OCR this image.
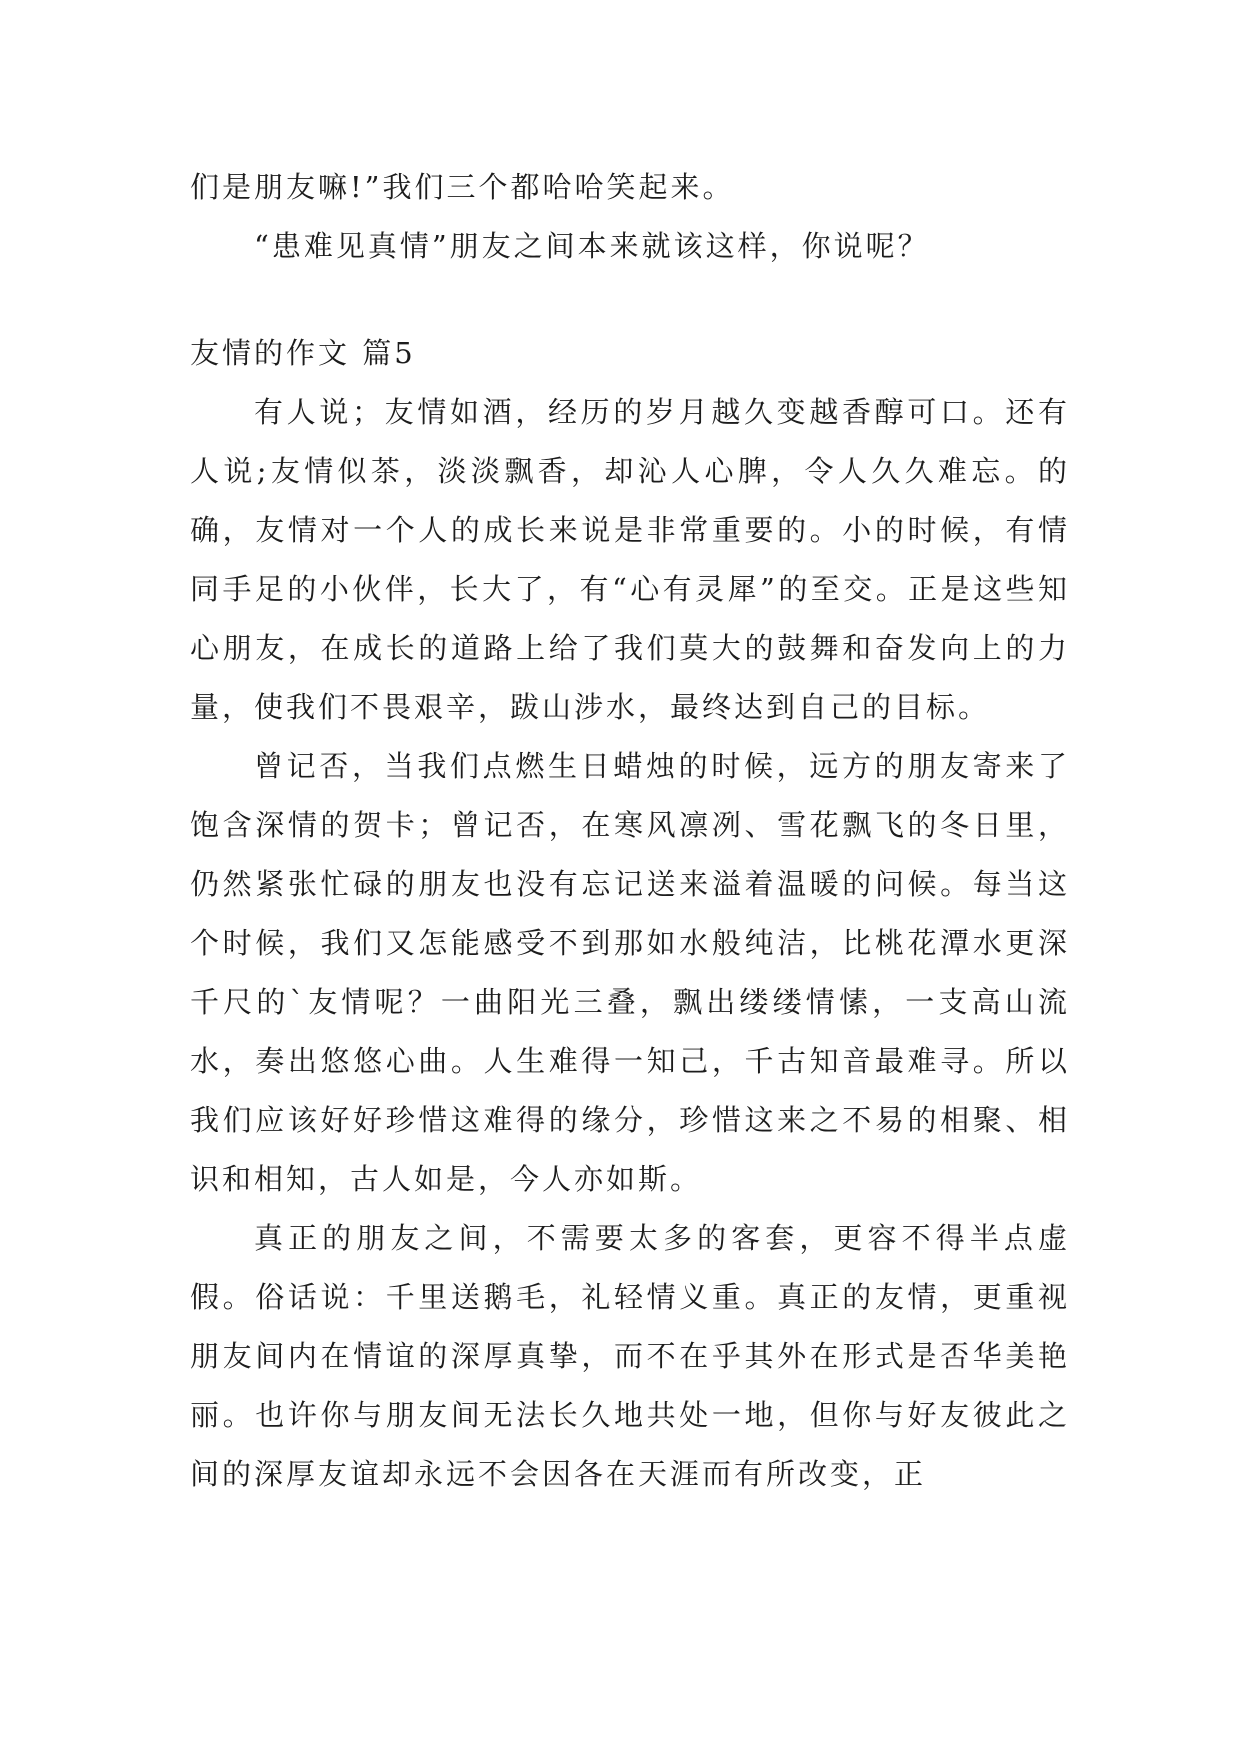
们是朋友嘛!”我们三个都哈哈笑起来。

“患难见真情”朋友之间本来就该这样，你说呢？

友情的作文 篇5

有人说；友情如酒，经历的岁月越久变越香醇可口。还有人说;友情似茶，淡淡飘香，却沁人心脾，令人久久难忘。的确，友情对一个人的成长来说是非常重要的。小的时候，有情同手足的小伙伴，长大了，有“心有灵犀”的至交。正是这些知心朋友，在成长的道路上给了我们莫大的鼓舞和奋发向上的力量，使我们不畏艰辛，跋山涉水，最终达到自己的目标。

曾记否，当我们点燃生日蜡烛的时候，远方的朋友寄来了饱含深情的贺卡；曾记否，在寒风凛冽、雪花飘飞的冬日里，仍然紧张忙碌的朋友也没有忘记送来溢着温暖的问候。每当这个时候，我们又怎能感受不到那如水般纯洁，比桃花潭水更深千尺的`友情呢？一曲阳光三叠，飘出缕缕情愫，一支高山流水，奏出悠悠心曲。人生难得一知己，千古知音最难寻。所以我们应该好好珍惜这难得的缘分，珍惜这来之不易的相聚、相识和相知，古人如是，今人亦如斯。

真正的朋友之间，不需要太多的客套，更容不得半点虚假。俗话说：千里送鹅毛，礼轻情义重。真正的友情，更重视朋友间内在情谊的深厚真挚，而不在乎其外在形式是否华美艳丽。也许你与朋友间无法长久地共处一地，但你与好友彼此之间的深厚友谊却永远不会因各在天涯而有所改变，正
